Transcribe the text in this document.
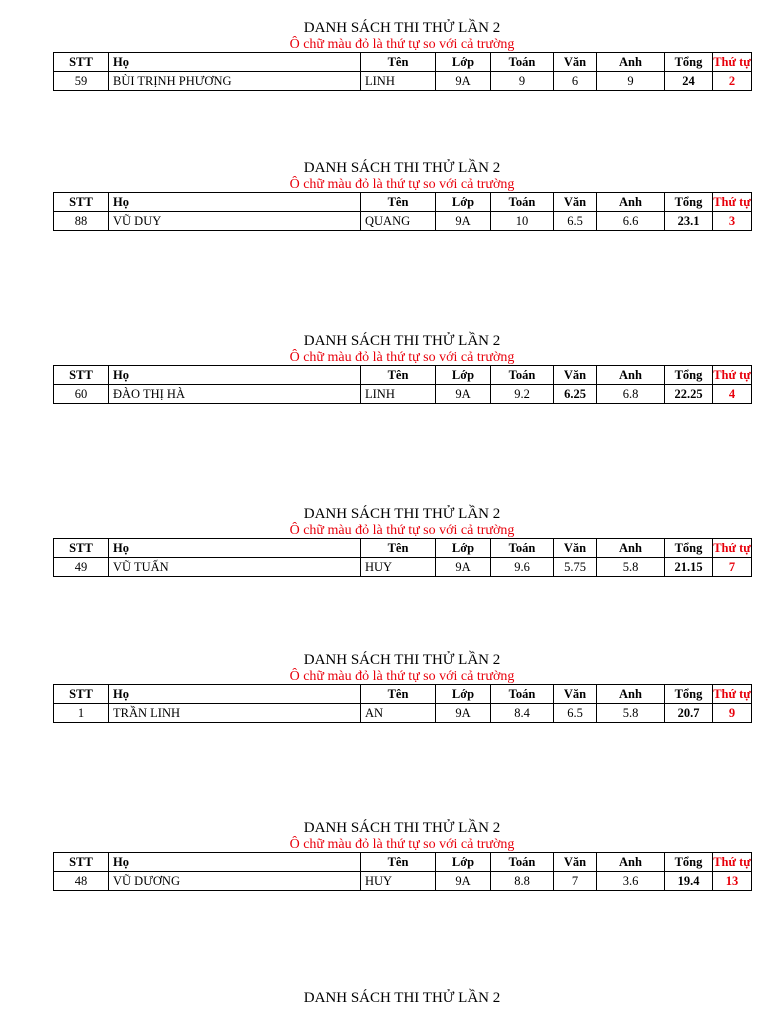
DANH SÁCH THI THỬ LẦN 2
Ô chữ màu đỏ là thứ tự so với cả trường
STT	Họ	Tên	Lớp	Toán	Văn	Anh	Tổng	Thứ tự
59	BÙI TRỊNH PHƯƠNG	LINH	9A	9	6	9	24	2
DANH SÁCH THI THỬ LẦN 2
Ô chữ màu đỏ là thứ tự so với cả trường
STT	Họ	Tên	Lớp	Toán	Văn	Anh	Tổng	Thứ tự
88	VŨ DUY	QUANG	9A	10	6.5	6.6	23.1	3
DANH SÁCH THI THỬ LẦN 2
Ô chữ màu đỏ là thứ tự so với cả trường
STT	Họ	Tên	Lớp	Toán	Văn	Anh	Tổng	Thứ tự
60	ĐÀO THỊ HÀ	LINH	9A	9.2	6.25	6.8	22.25	4
DANH SÁCH THI THỬ LẦN 2
Ô chữ màu đỏ là thứ tự so với cả trường
STT	Họ	Tên	Lớp	Toán	Văn	Anh	Tổng	Thứ tự
49	VŨ TUẤN	HUY	9A	9.6	5.75	5.8	21.15	7
DANH SÁCH THI THỬ LẦN 2
Ô chữ màu đỏ là thứ tự so với cả trường
STT	Họ	Tên	Lớp	Toán	Văn	Anh	Tổng	Thứ tự
1	TRẦN LINH	AN	9A	8.4	6.5	5.8	20.7	9
DANH SÁCH THI THỬ LẦN 2
Ô chữ màu đỏ là thứ tự so với cả trường
STT	Họ	Tên	Lớp	Toán	Văn	Anh	Tổng	Thứ tự
48	VŨ DƯƠNG	HUY	9A	8.8	7	3.6	19.4	13
DANH SÁCH THI THỬ LẦN 2
